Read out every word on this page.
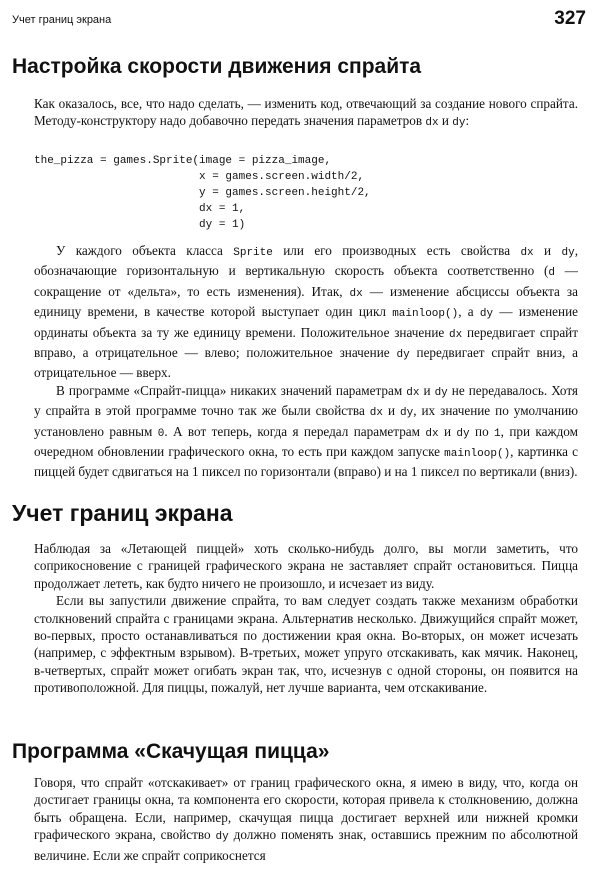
Учет границ экрана	327
Настройка скорости движения спрайта

Как оказалось, все, что надо сделать, — изменить код, отвечающий за создание нового спрайта. Методу-конструктору надо добавочно передать значения параметров dx и dy:

the_pizza = games.Sprite(image = pizza_image,
x = games.screen.width/2,
y = games.screen.height/2,
dx = 1,
dy = 1)

У каждого объекта класса Sprite или его производных есть свойства dx и dy, обозначающие горизонтальную и вертикальную скорость объекта соответственно (d — сокращение от «дельта», то есть изменения). Итак, dx — изменение абсциссы объекта за единицу времени, в качестве которой выступает один цикл mainloop(), а dy — изменение ординаты объекта за ту же единицу времени. Положительное значение dx передвигает спрайт вправо, а отрицательное — влево; положительное значение dy передвигает спрайт вниз, а отрицательное — вверх.

В программе «Спрайт-пицца» никаких значений параметрам dx и dy не передавалось. Хотя у спрайта в этой программе точно так же были свойства dx и dy, их значение по умолчанию установлено равным 0. А вот теперь, когда я передал параметрам dx и dy по 1, при каждом очередном обновлении графического окна, то есть при каждом запуске mainloop(), картинка с пиццей будет сдвигаться на 1 пиксел по горизонтали (вправо) и на 1 пиксел по вертикали (вниз).

Учет границ экрана

Наблюдая за «Летающей пиццей» хоть сколько-нибудь долго, вы могли заметить, что соприкосновение с границей графического экрана не заставляет спрайт остановиться. Пицца продолжает лететь, как будто ничего не произошло, и исчезает из виду.

Если вы запустили движение спрайта, то вам следует создать также механизм обработки столкновений спрайта с границами экрана. Альтернатив несколько. Движущийся спрайт может, во-первых, просто останавливаться по достижении края окна. Во-вторых, он может исчезать (например, с эффектным взрывом). В-третьих, может упруго отскакивать, как мячик. Наконец, в-четвертых, спрайт может огибать экран так, что, исчезнув с одной стороны, он появится на противоположной. Для пиццы, пожалуй, нет лучше варианта, чем отскакивание.

Программа «Скачущая пицца»

Говоря, что спрайт «отскакивает» от границ графического окна, я имею в виду, что, когда он достигает границы окна, та компонента его скорости, которая привела к столкновению, должна быть обращена. Если, например, скачущая пицца достигает верхней или нижней кромки графического экрана, свойство dy должно поменять знак, оставшись прежним по абсолютной величине. Если же спрайт соприкоснется
